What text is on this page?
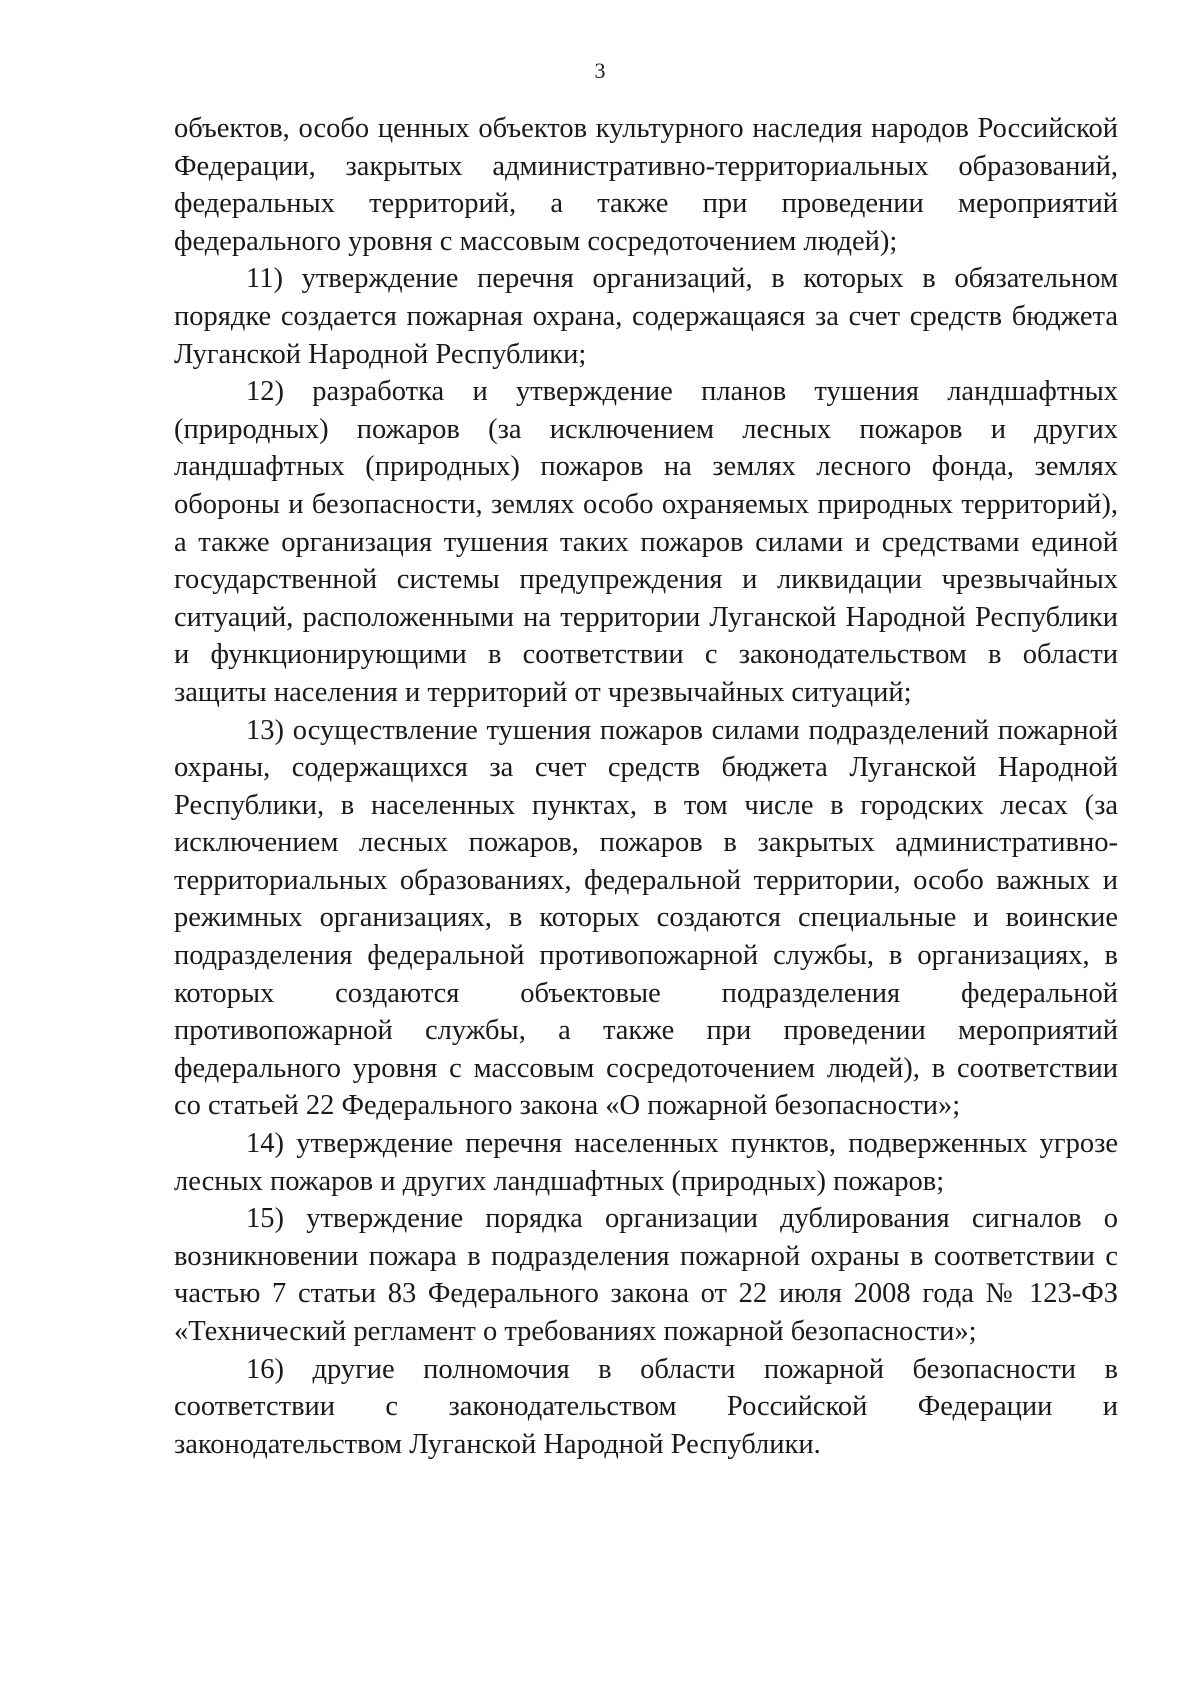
3

объектов, особо ценных объектов культурного наследия народов Российской Федерации, закрытых административно-территориальных образований, федеральных территорий, а также при проведении мероприятий федерального уровня с массовым сосредоточением людей);

11) утверждение перечня организаций, в которых в обязательном порядке создается пожарная охрана, содержащаяся за счет средств бюджета Луганской Народной Республики;

12) разработка и утверждение планов тушения ландшафтных (природных) пожаров (за исключением лесных пожаров и других ландшафтных (природных) пожаров на землях лесного фонда, землях обороны и безопасности, землях особо охраняемых природных территорий), а также организация тушения таких пожаров силами и средствами единой государственной системы предупреждения и ликвидации чрезвычайных ситуаций, расположенными на территории Луганской Народной Республики и функционирующими в соответствии с законодательством в области защиты населения и территорий от чрезвычайных ситуаций;

13) осуществление тушения пожаров силами подразделений пожарной охраны, содержащихся за счет средств бюджета Луганской Народной Республики, в населенных пунктах, в том числе в городских лесах (за исключением лесных пожаров, пожаров в закрытых административно-территориальных образованиях, федеральной территории, особо важных и режимных организациях, в которых создаются специальные и воинские подразделения федеральной противопожарной службы, в организациях, в которых создаются объектовые подразделения федеральной противопожарной службы, а также при проведении мероприятий федерального уровня с массовым сосредоточением людей), в соответствии со статьей 22 Федерального закона «О пожарной безопасности»;

14) утверждение перечня населенных пунктов, подверженных угрозе лесных пожаров и других ландшафтных (природных) пожаров;

15) утверждение порядка организации дублирования сигналов о возникновении пожара в подразделения пожарной охраны в соответствии с частью 7 статьи 83 Федерального закона от 22 июля 2008 года № 123-ФЗ «Технический регламент о требованиях пожарной безопасности»;

16) другие полномочия в области пожарной безопасности в соответствии с законодательством Российской Федерации и законодательством Луганской Народной Республики.
